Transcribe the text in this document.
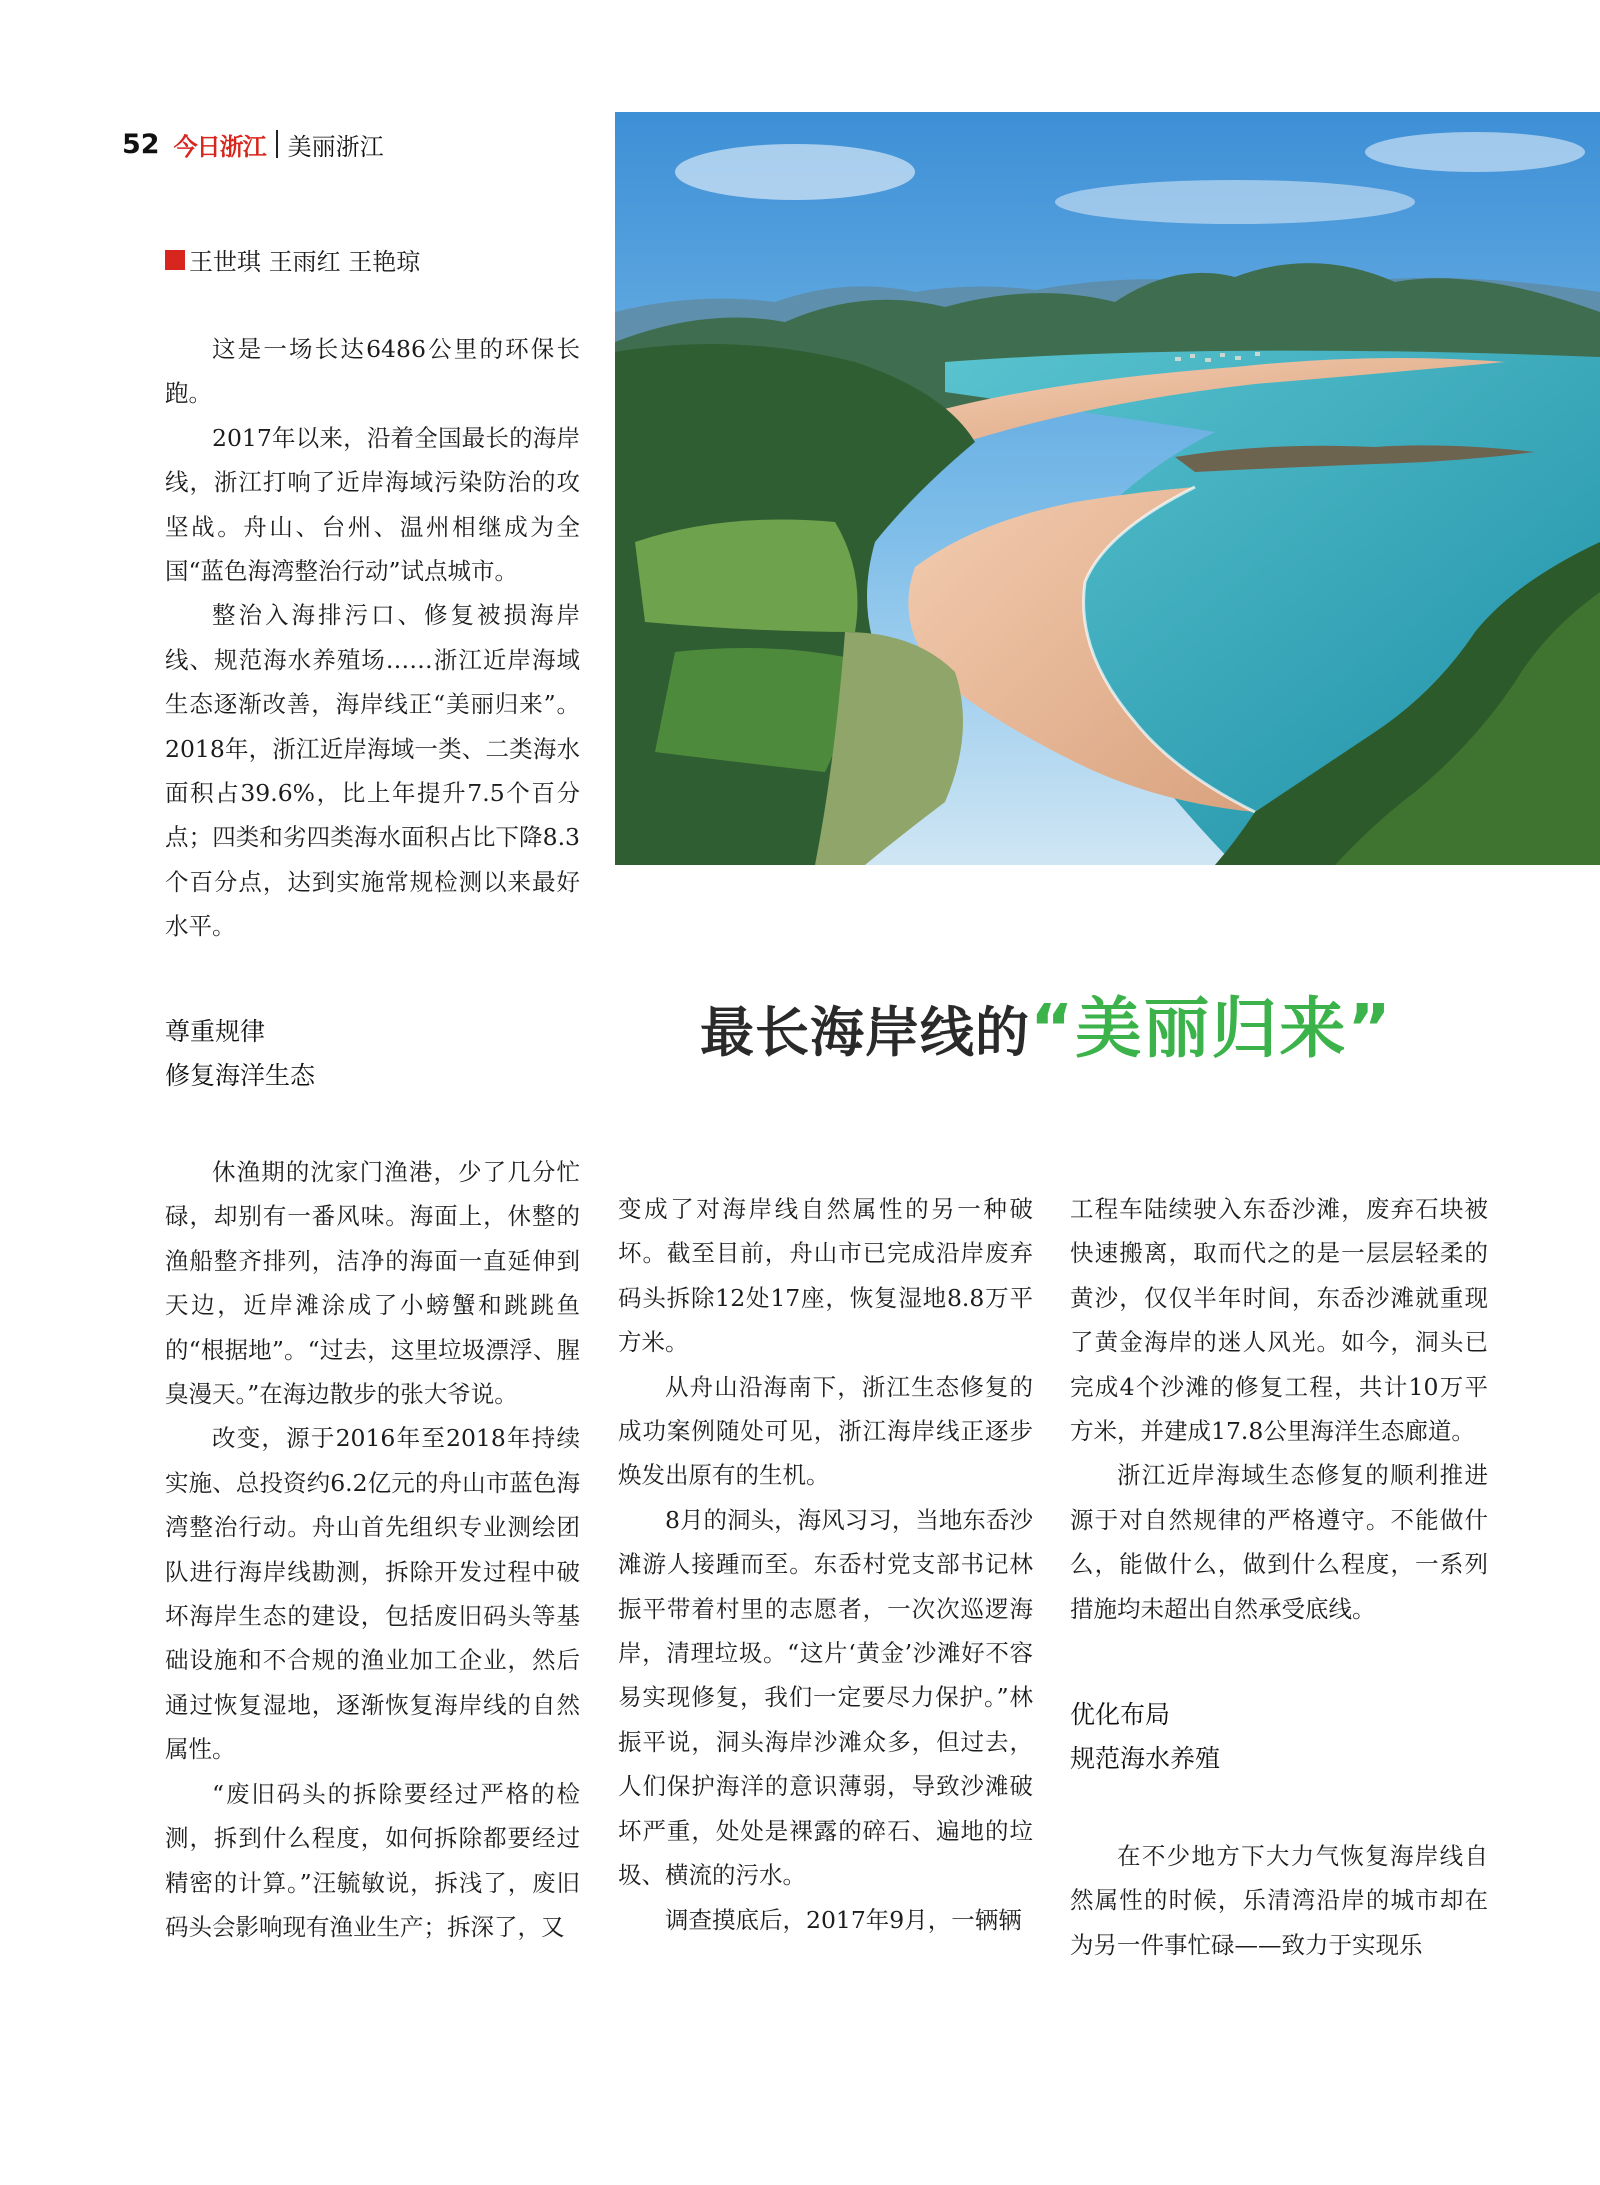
52 今日浙江 美丽浙江
王世琪 王雨红 王艳琼
最长海岸线的 “美丽归来”

这是一场长达6486公里的环保长跑。

2017年以来，沿着全国最长的海岸线，浙江打响了近岸海域污染防治的攻坚战。舟山、台州、温州相继成为全国“蓝色海湾整治行动”试点城市。

整治入海排污口、修复被损海岸线、规范海水养殖场……浙江近岸海域生态逐渐改善，海岸线正“美丽归来”。2018年，浙江近岸海域一类、二类海水面积占39.6%，比上年提升7.5个百分点；四类和劣四类海水面积占比下降8.3个百分点，达到实施常规检测以来最好水平。

尊重规律
修复海洋生态

休渔期的沈家门渔港，少了几分忙碌，却别有一番风味。海面上，休整的渔船整齐排列，洁净的海面一直延伸到天边，近岸滩涂成了小螃蟹和跳跳鱼的“根据地”。“过去，这里垃圾漂浮、腥臭漫天。”在海边散步的张大爷说。

改变，源于2016年至2018年持续实施、总投资约6.2亿元的舟山市蓝色海湾整治行动。舟山首先组织专业测绘团队进行海岸线勘测，拆除开发过程中破坏海岸生态的建设，包括废旧码头等基础设施和不合规的渔业加工企业，然后通过恢复湿地，逐渐恢复海岸线的自然属性。

“废旧码头的拆除要经过严格的检测，拆到什么程度，如何拆除都要经过精密的计算。”汪毓敏说，拆浅了，废旧码头会影响现有渔业生产；拆深了，又

变成了对海岸线自然属性的另一种破坏。截至目前，舟山市已完成沿岸废弃码头拆除12处17座，恢复湿地8.8万平方米。

从舟山沿海南下，浙江生态修复的成功案例随处可见，浙江海岸线正逐步焕发出原有的生机。

8月的洞头，海风习习，当地东岙沙滩游人接踵而至。东岙村党支部书记林振平带着村里的志愿者，一次次巡逻海岸，清理垃圾。“这片‘黄金’沙滩好不容易实现修复，我们一定要尽力保护。”林振平说，洞头海岸沙滩众多，但过去，人们保护海洋的意识薄弱，导致沙滩破坏严重，处处是裸露的碎石、遍地的垃圾、横流的污水。

调查摸底后，2017年9月，一辆辆

工程车陆续驶入东岙沙滩，废弃石块被快速搬离，取而代之的是一层层轻柔的黄沙，仅仅半年时间，东岙沙滩就重现了黄金海岸的迷人风光。如今，洞头已完成4个沙滩的修复工程，共计10万平方米，并建成17.8公里海洋生态廊道。

浙江近岸海域生态修复的顺利推进源于对自然规律的严格遵守。不能做什么，能做什么，做到什么程度，一系列措施均未超出自然承受底线。

优化布局
规范海水养殖

在不少地方下大力气恢复海岸线自然属性的时候，乐清湾沿岸的城市却在为另一件事忙碌——致力于实现乐
